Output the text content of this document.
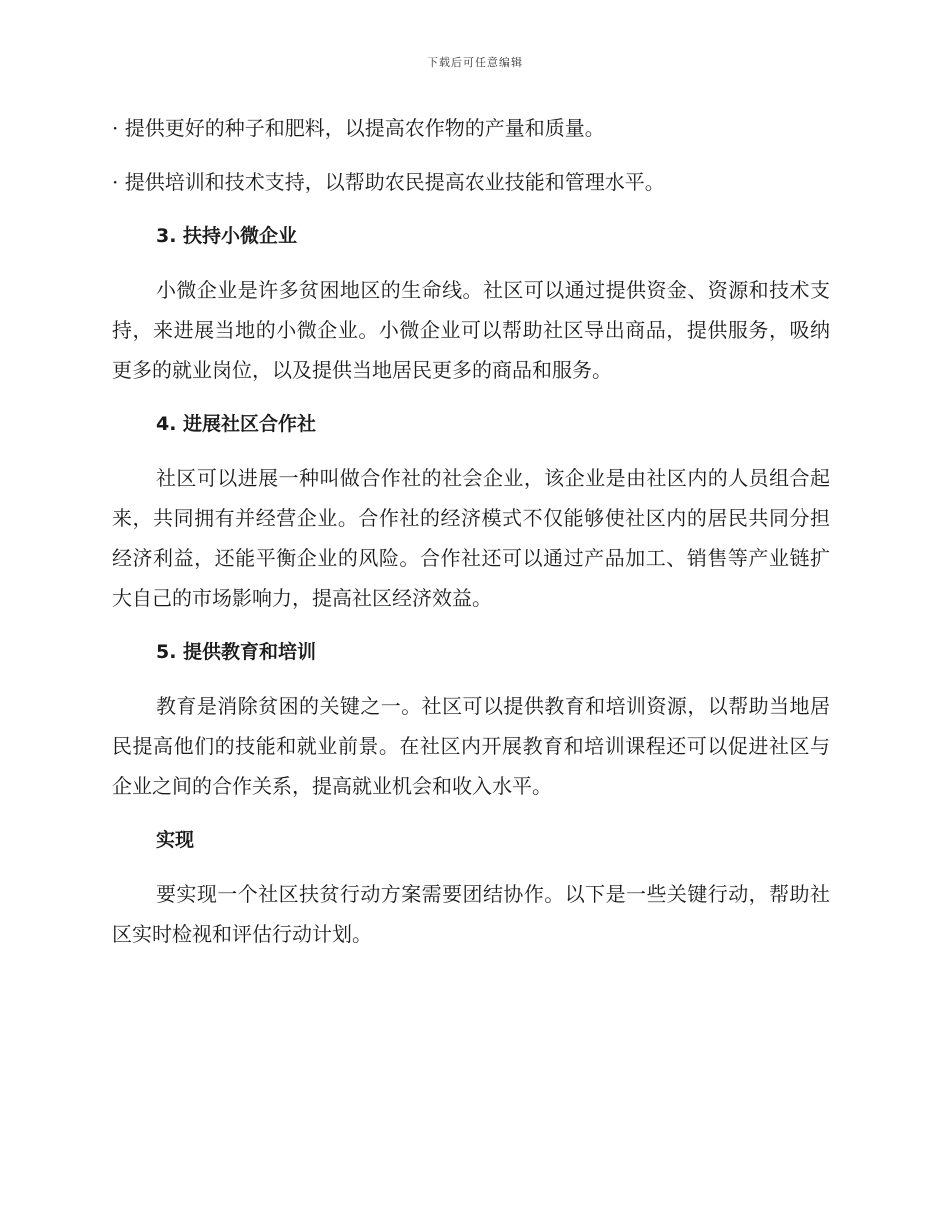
下载后可任意编辑

· 提供更好的种子和肥料，以提高农作物的产量和质量。

· 提供培训和技术支持，以帮助农民提高农业技能和管理水平。

3. 扶持小微企业

小微企业是许多贫困地区的生命线。社区可以通过提供资金、资源和技术支持，来进展当地的小微企业。小微企业可以帮助社区导出商品，提供服务，吸纳更多的就业岗位，以及提供当地居民更多的商品和服务。

4. 进展社区合作社

社区可以进展一种叫做合作社的社会企业，该企业是由社区内的人员组合起来，共同拥有并经营企业。合作社的经济模式不仅能够使社区内的居民共同分担经济利益，还能平衡企业的风险。合作社还可以通过产品加工、销售等产业链扩大自己的市场影响力，提高社区经济效益。

5. 提供教育和培训

教育是消除贫困的关键之一。社区可以提供教育和培训资源，以帮助当地居民提高他们的技能和就业前景。在社区内开展教育和培训课程还可以促进社区与企业之间的合作关系，提高就业机会和收入水平。

实现

要实现一个社区扶贫行动方案需要团结协作。以下是一些关键行动，帮助社区实时检视和评估行动计划。
